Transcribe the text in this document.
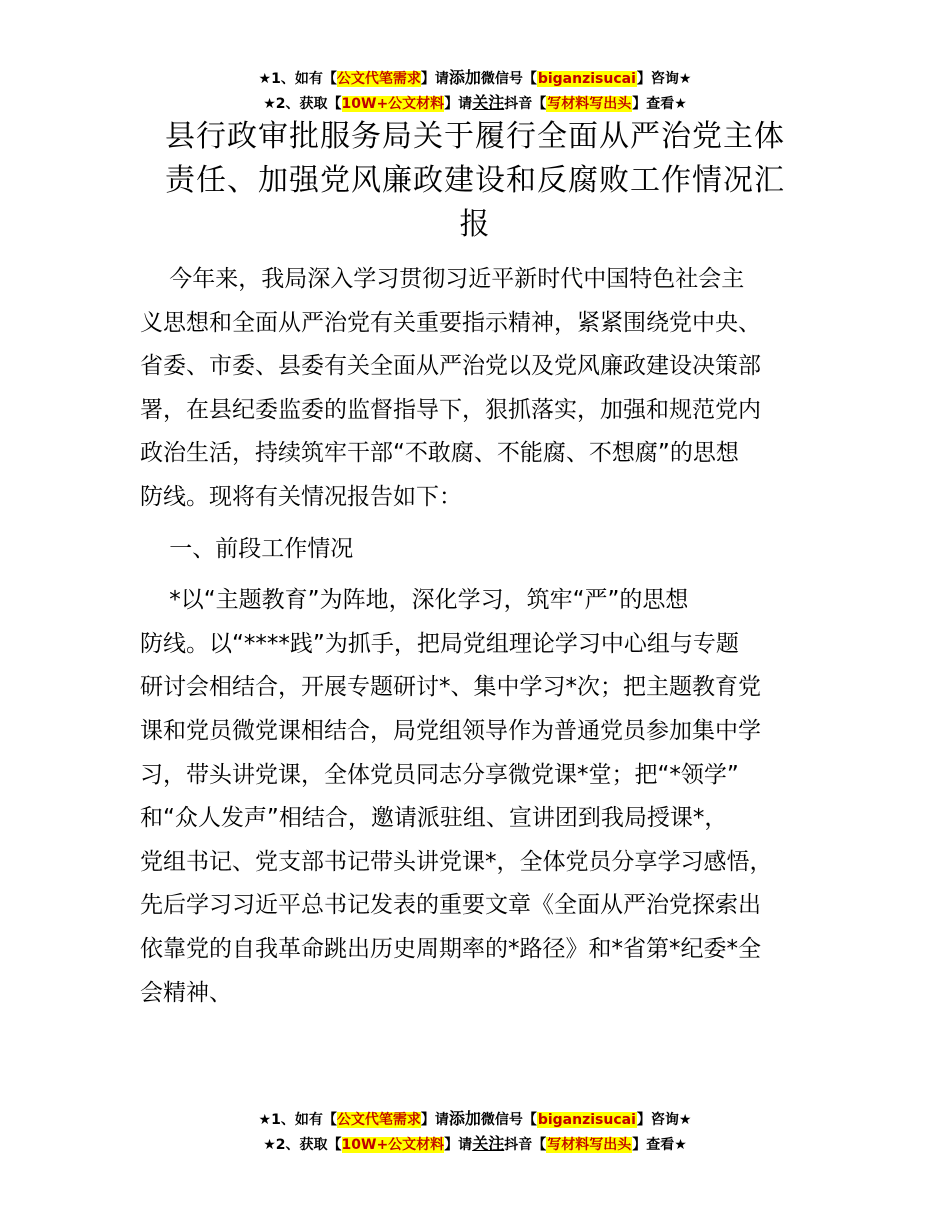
★1、如有【公文代笔需求】请添加微信号【biganzisucai】咨询★
★2、获取【10W+公文材料】请关注抖音【写材料写出头】查看★
县行政审批服务局关于履行全面从严治党主体
责任、加强党风廉政建设和反腐败工作情况汇
报
今年来，我局深入学习贯彻习近平新时代中国特色社会主
义思想和全面从严治党有关重要指示精神，紧紧围绕党中央、
省委、市委、县委有关全面从严治党以及党风廉政建设决策部
署，在县纪委监委的监督指导下，狠抓落实，加强和规范党内
政治生活，持续筑牢干部“不敢腐、不能腐、不想腐”的思想
防线。现将有关情况报告如下：
一、前段工作情况
*以“主题教育”为阵地，深化学习，筑牢“严”的思想
防线。以“****践”为抓手，把局党组理论学习中心组与专题
研讨会相结合，开展专题研讨*、集中学习*次；把主题教育党
课和党员微党课相结合，局党组领导作为普通党员参加集中学
习，带头讲党课，全体党员同志分享微党课*堂；把“*领学”
和“众人发声”相结合，邀请派驻组、宣讲团到我局授课*，
党组书记、党支部书记带头讲党课*，全体党员分享学习感悟，
先后学习习近平总书记发表的重要文章《全面从严治党探索出
依靠党的自我革命跳出历史周期率的*路径》和*省第*纪委*全
会精神、
★1、如有【公文代笔需求】请添加微信号【biganzisucai】咨询★
★2、获取【10W+公文材料】请关注抖音【写材料写出头】查看★
